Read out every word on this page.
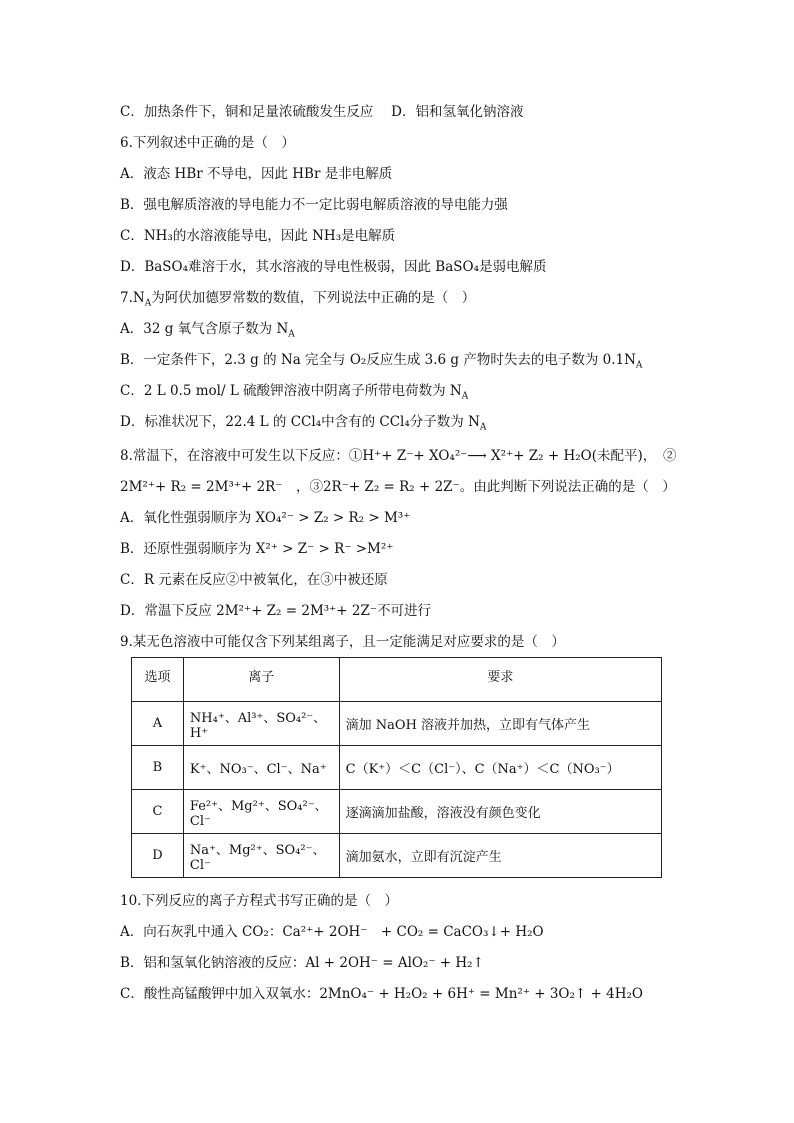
C．加热条件下，铜和足量浓硫酸发生反应　 D．铝和氢氧化钠溶液
6.下列叙述中正确的是（　）
A．液态 HBr 不导电，因此 HBr 是非电解质
B．强电解质溶液的导电能力不一定比弱电解质溶液的导电能力强
C．NH₃的水溶液能导电，因此 NH₃是电解质
D．BaSO₄难溶于水，其水溶液的导电性极弱，因此 BaSO₄是弱电解质
$7.N_A$为阿伏加德罗常数的数值，下列说法中正确的是（　）
A．32 g 氧气含原子数为 $N_A$
B．一定条件下，2.3 g 的 Na 完全与 O₂反应生成 3.6 g 产物时失去的电子数为 $0.1N_A$
C．2 L 0.5 mol/ L 硫酸钾溶液中阴离子所带电荷数为 $N_A$
D．标准状况下，22.4 L 的 CCl₄中含有的 CCl₄分子数为 $N_A$
8.常温下，在溶液中可发生以下反应：①H⁺+ Z⁻+ XO₄²⁻⟶ X²⁺+ Z₂ + H₂O(未配平)，　②
2M²⁺+ R₂ = 2M³⁺+ 2R⁻　，③2R⁻+ Z₂ = R₂ + 2Z⁻。由此判断下列说法正确的是（　）
A．氧化性强弱顺序为 XO₄²⁻ > Z₂ > R₂ > M³⁺
B．还原性强弱顺序为 X²⁺ > Z⁻ > R⁻ >M²⁺
C．R 元素在反应②中被氧化，在③中被还原
D．常温下反应 2M²⁺+ Z₂ = 2M³⁺+ 2Z⁻不可进行
9.某无色溶液中可能仅含下列某组离子，且一定能满足对应要求的是（　）
选项	离子	要求
A	NH₄⁺、Al³⁺、SO₄²⁻、H⁺	滴加 NaOH 溶液并加热，立即有气体产生
B	K⁺、NO₃⁻、Cl⁻、Na⁺	C（K⁺）＜C（Cl⁻）、C（Na⁺）＜C（NO₃⁻）
C	Fe²⁺、Mg²⁺、SO₄²⁻、Cl⁻	逐滴滴加盐酸，溶液没有颜色变化
D	Na⁺、Mg²⁺、SO₄²⁻、Cl⁻	滴加氨水，立即有沉淀产生
10.下列反应的离子方程式书写正确的是（　）
A．向石灰乳中通入 CO₂：Ca²⁺+ 2OH⁻　+ CO₂ = CaCO₃↓+ H₂O
B．铝和氢氧化钠溶液的反应：Al + 2OH⁻ = AlO₂⁻ + H₂↑
C．酸性高锰酸钾中加入双氧水：2MnO₄⁻ + H₂O₂ + 6H⁺ = Mn²⁺ + 3O₂↑ + 4H₂O
